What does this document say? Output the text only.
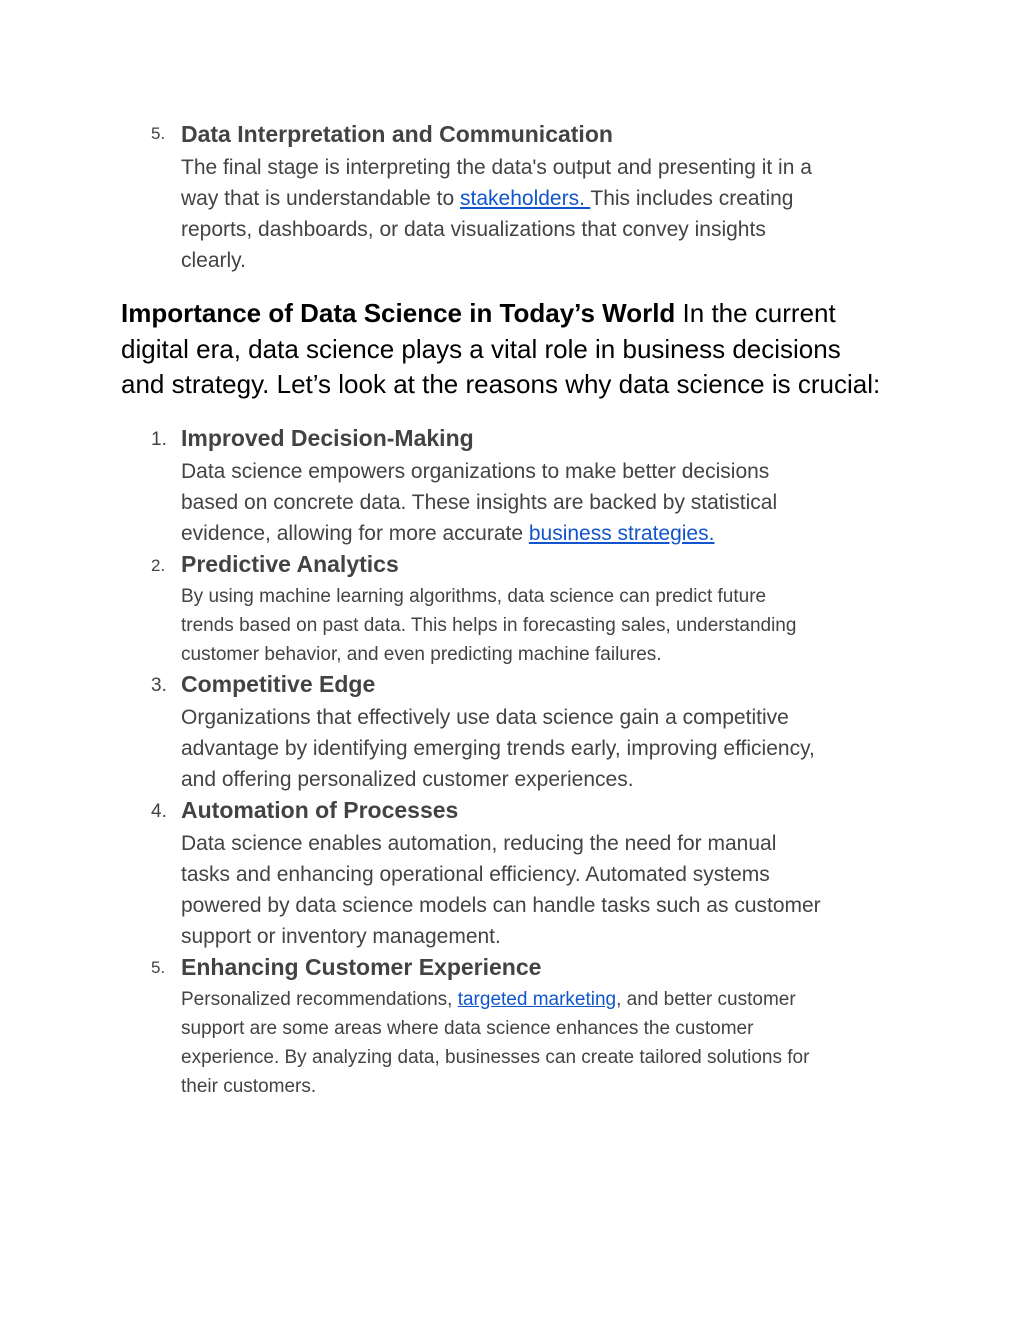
5. Data Interpretation and Communication
The final stage is interpreting the data's output and presenting it in a
way that is understandable to stakeholders. This includes creating
reports, dashboards, or data visualizations that convey insights
clearly.
Importance of Data Science in Today’s World In the current
digital era, data science plays a vital role in business decisions
and strategy. Let’s look at the reasons why data science is crucial:
1. Improved Decision-Making
Data science empowers organizations to make better decisions
based on concrete data. These insights are backed by statistical
evidence, allowing for more accurate business strategies.
2. Predictive Analytics
By using machine learning algorithms, data science can predict future
trends based on past data. This helps in forecasting sales, understanding
customer behavior, and even predicting machine failures.
3. Competitive Edge
Organizations that effectively use data science gain a competitive
advantage by identifying emerging trends early, improving efficiency,
and offering personalized customer experiences.
4. Automation of Processes
Data science enables automation, reducing the need for manual
tasks and enhancing operational efficiency. Automated systems
powered by data science models can handle tasks such as customer
support or inventory management.
5. Enhancing Customer Experience
Personalized recommendations, targeted marketing, and better customer
support are some areas where data science enhances the customer
experience. By analyzing data, businesses can create tailored solutions for
their customers.
